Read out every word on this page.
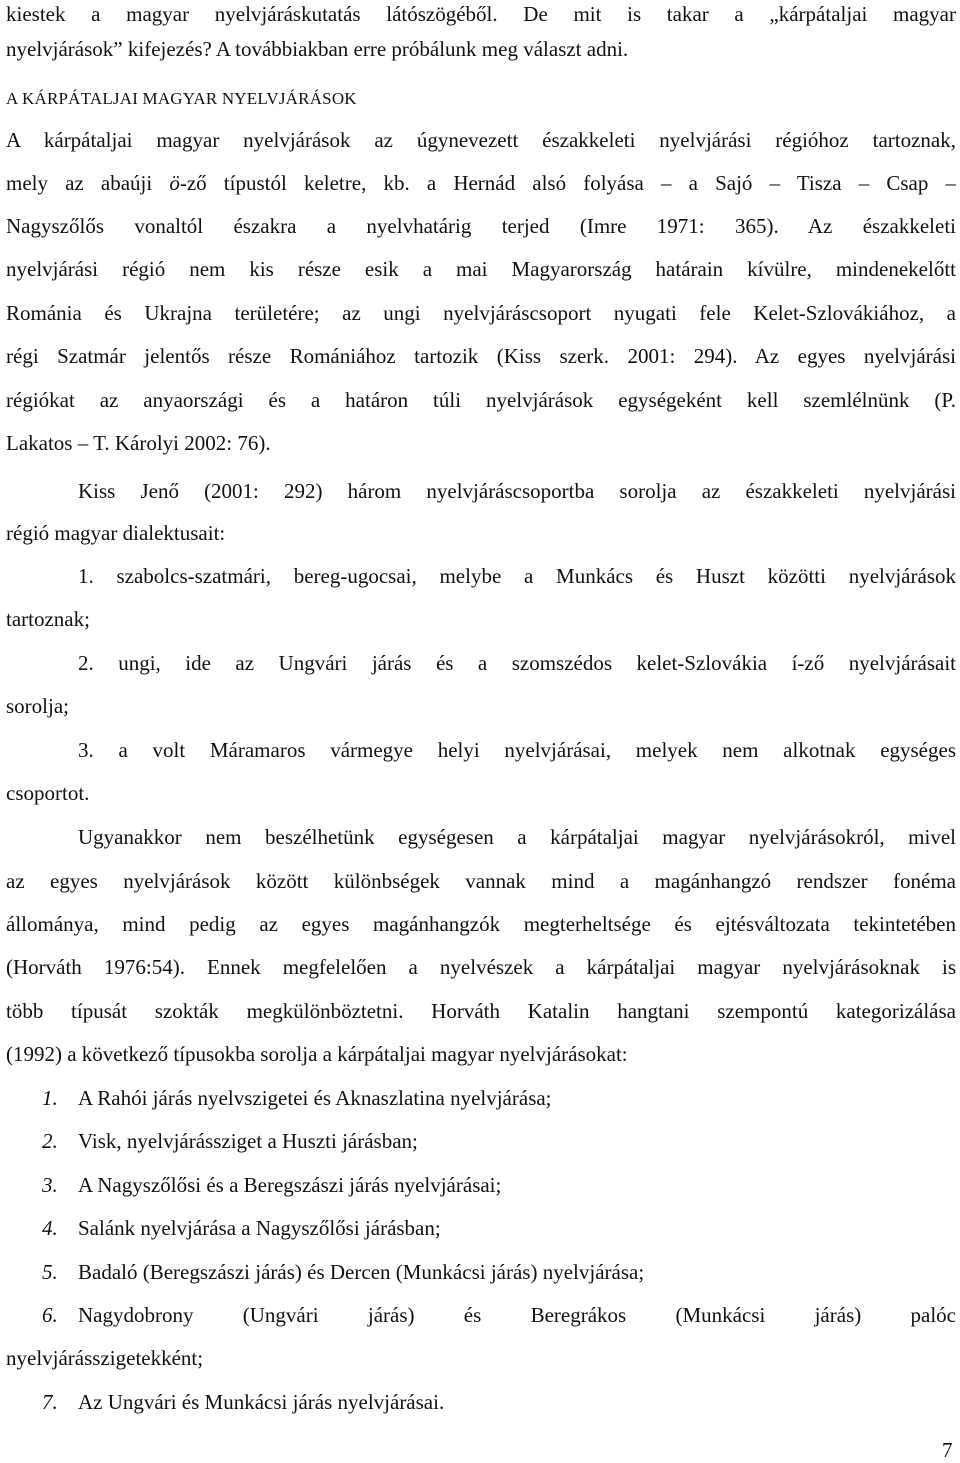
kiestek a magyar nyelvjáráskutatás látószögéből. De mit is takar a „kárpátaljai magyar
nyelvjárások” kifejezés? A továbbiakban erre próbálunk meg választ adni.
A KÁRPÁTALJAI MAGYAR NYELVJÁRÁSOK
A kárpátaljai magyar nyelvjárások az úgynevezett északkeleti nyelvjárási régióhoz tartoznak,
mely az abaúji ö-ző típustól keletre, kb. a Hernád alsó folyása – a Sajó – Tisza – Csap –
Nagyszőlős vonaltól északra a nyelvhatárig terjed (Imre 1971: 365). Az északkeleti
nyelvjárási régió nem kis része esik a mai Magyarország határain kívülre, mindenekelőtt
Románia és Ukrajna területére; az ungi nyelvjáráscsoport nyugati fele Kelet-Szlovákiához, a
régi Szatmár jelentős része Romániához tartozik (Kiss szerk. 2001: 294). Az egyes nyelvjárási
régiókat az anyaországi és a határon túli nyelvjárások egységeként kell szemlélnünk (P.
Lakatos – T. Károlyi 2002: 76).
Kiss Jenő (2001: 292) három nyelvjáráscsoportba sorolja az északkeleti nyelvjárási
régió magyar dialektusait:
1. szabolcs-szatmári, bereg-ugocsai, melybe a Munkács és Huszt közötti nyelvjárások
tartoznak;
2. ungi, ide az Ungvári járás és a szomszédos kelet-Szlovákia í-ző nyelvjárásait
sorolja;
3. a volt Máramaros vármegye helyi nyelvjárásai, melyek nem alkotnak egységes
csoportot.
Ugyanakkor nem beszélhetünk egységesen a kárpátaljai magyar nyelvjárásokról, mivel
az egyes nyelvjárások között különbségek vannak mind a magánhangzó rendszer fonéma
állománya, mind pedig az egyes magánhangzók megterheltsége és ejtésváltozata tekintetében
(Horváth 1976:54). Ennek megfelelően a nyelvészek a kárpátaljai magyar nyelvjárásoknak is
több típusát szokták megkülönböztetni. Horváth Katalin hangtani szempontú kategorizálása
(1992) a következő típusokba sorolja a kárpátaljai magyar nyelvjárásokat:
1. A Rahói járás nyelvszigetei és Aknaszlatina nyelvjárása;
2. Visk, nyelvjárássziget a Huszti járásban;
3. A Nagyszőlősi és a Beregszászi járás nyelvjárásai;
4. Salánk nyelvjárása a Nagyszőlősi járásban;
5. Badaló (Beregszászi járás) és Dercen (Munkácsi járás) nyelvjárása;
6. Nagydobrony (Ungvári járás) és Beregrákos (Munkácsi járás) palóc
nyelvjárásszigetekként;
7. Az Ungvári és Munkácsi járás nyelvjárásai.
7
